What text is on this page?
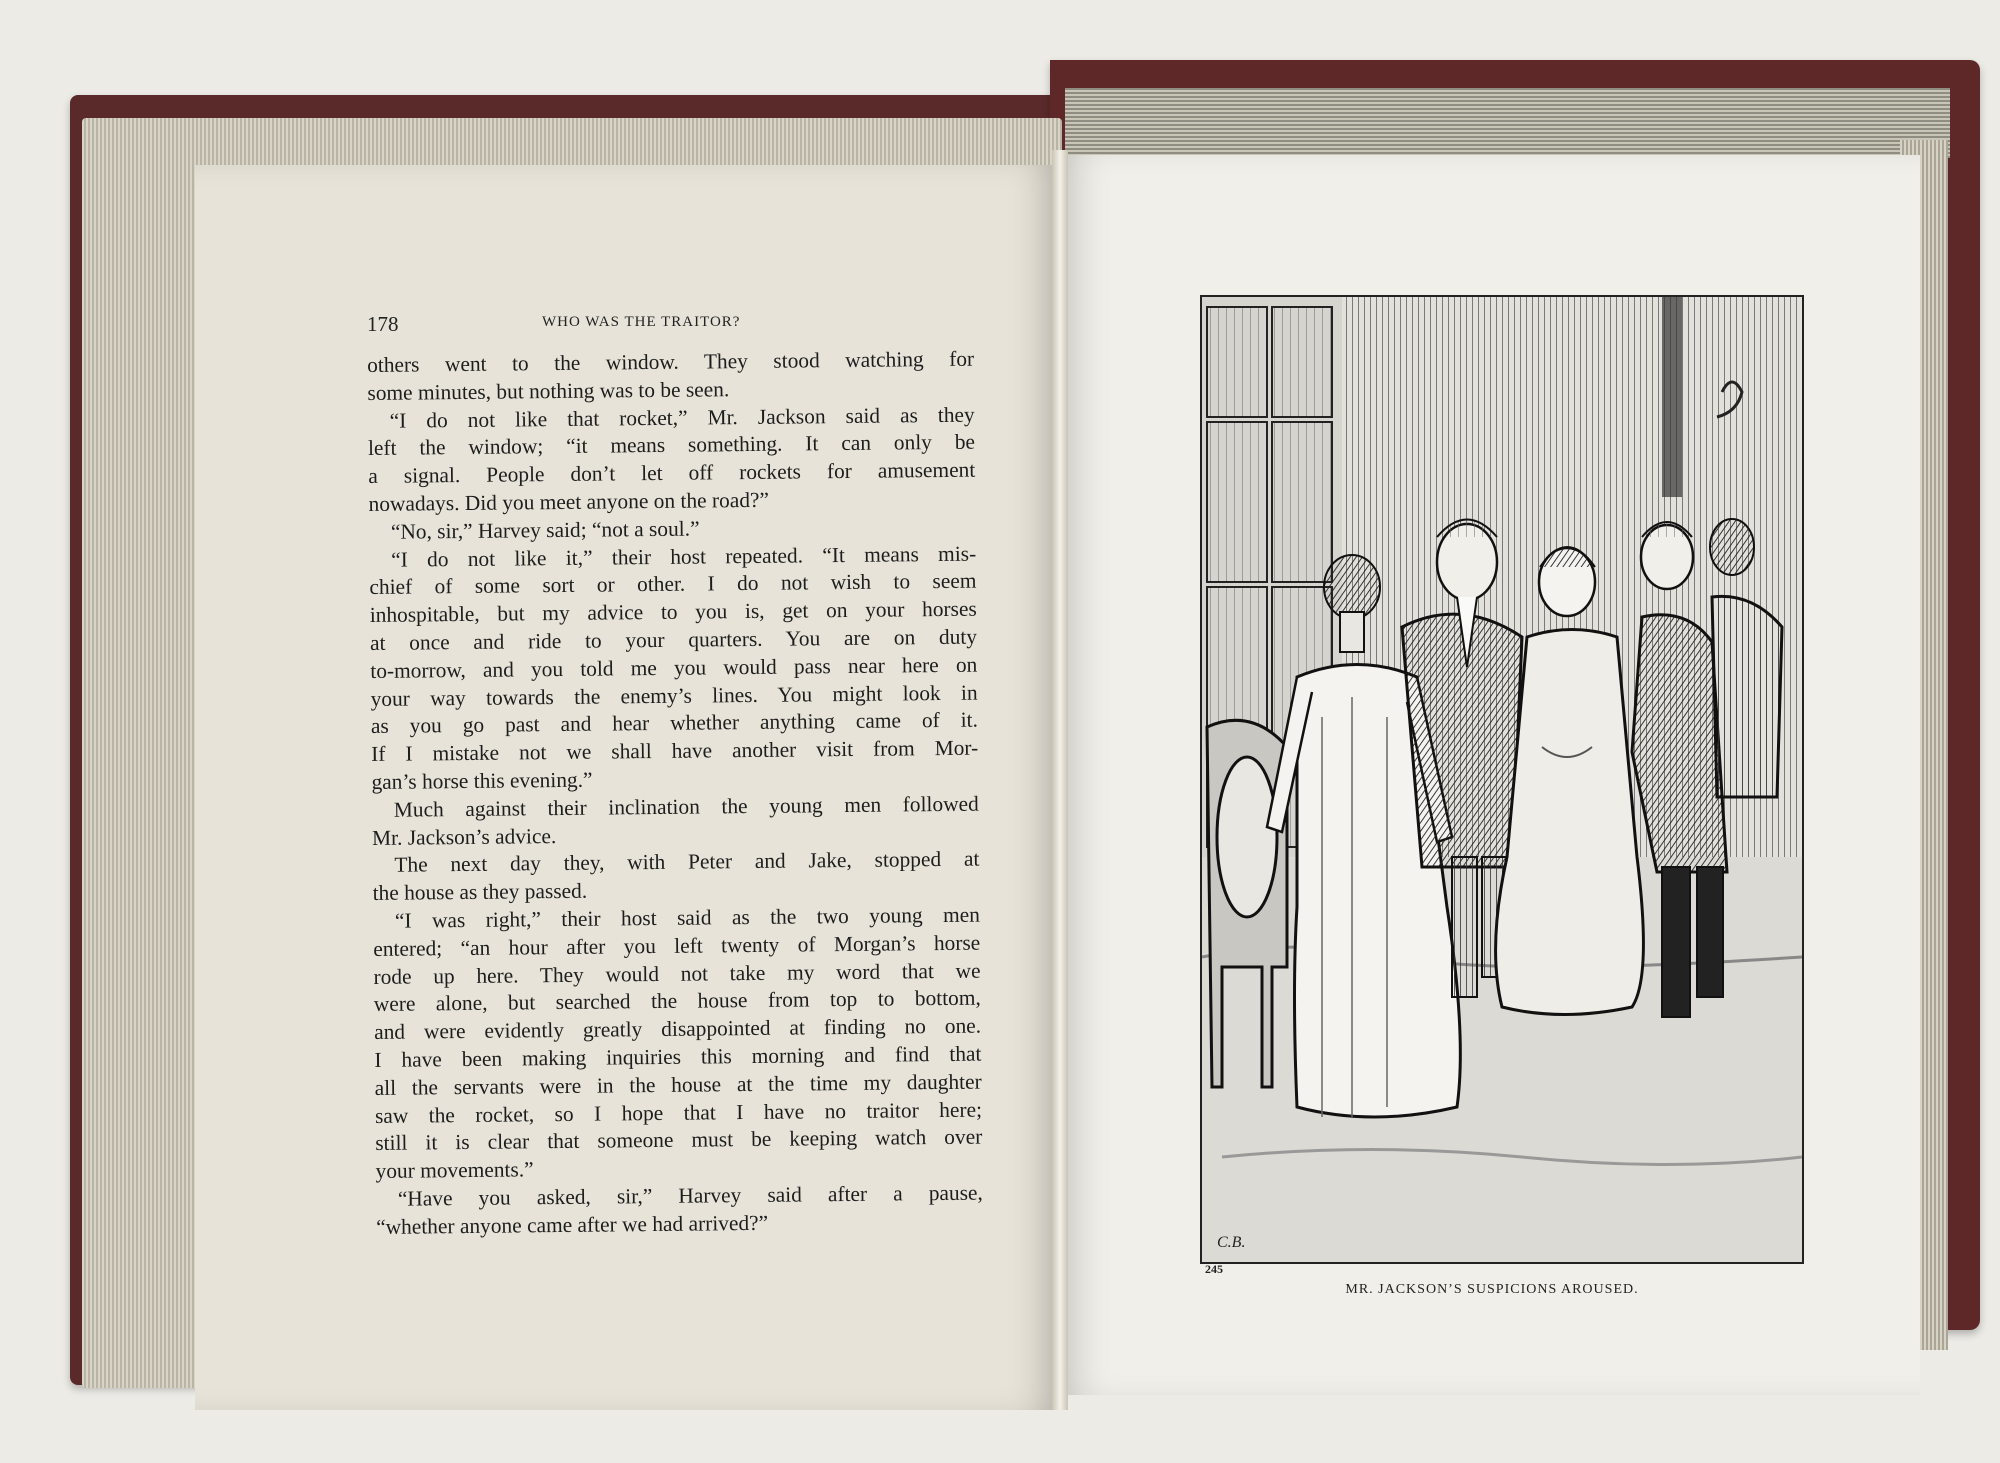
178	WHO WAS THE TRAITOR?
others went to the window. They stood watching for
some minutes, but nothing was to be seen.
“I do not like that rocket,” Mr. Jackson said as they
left the window; “it means something. It can only be
a signal. People don’t let off rockets for amusement
nowadays. Did you meet anyone on the road?”
“No, sir,” Harvey said; “not a soul.”
“I do not like it,” their host repeated. “It means mis-
chief of some sort or other. I do not wish to seem
inhospitable, but my advice to you is, get on your horses
at once and ride to your quarters. You are on duty
to-morrow, and you told me you would pass near here on
your way towards the enemy’s lines. You might look in
as you go past and hear whether anything came of it.
If I mistake not we shall have another visit from Mor-
gan’s horse this evening.”
Much against their inclination the young men followed
Mr. Jackson’s advice.
The next day they, with Peter and Jake, stopped at
the house as they passed.
“I was right,” their host said as the two young men
entered; “an hour after you left twenty of Morgan’s horse
rode up here. They would not take my word that we
were alone, but searched the house from top to bottom,
and were evidently greatly disappointed at finding no one.
I have been making inquiries this morning and find that
all the servants were in the house at the time my daughter
saw the rocket, so I hope that I have no traitor here;
still it is clear that someone must be keeping watch over
your movements.”
“Have you asked, sir,” Harvey said after a pause,
“whether anyone came after we had arrived?”
C.B.
245
MR. JACKSON’S SUSPICIONS AROUSED.
